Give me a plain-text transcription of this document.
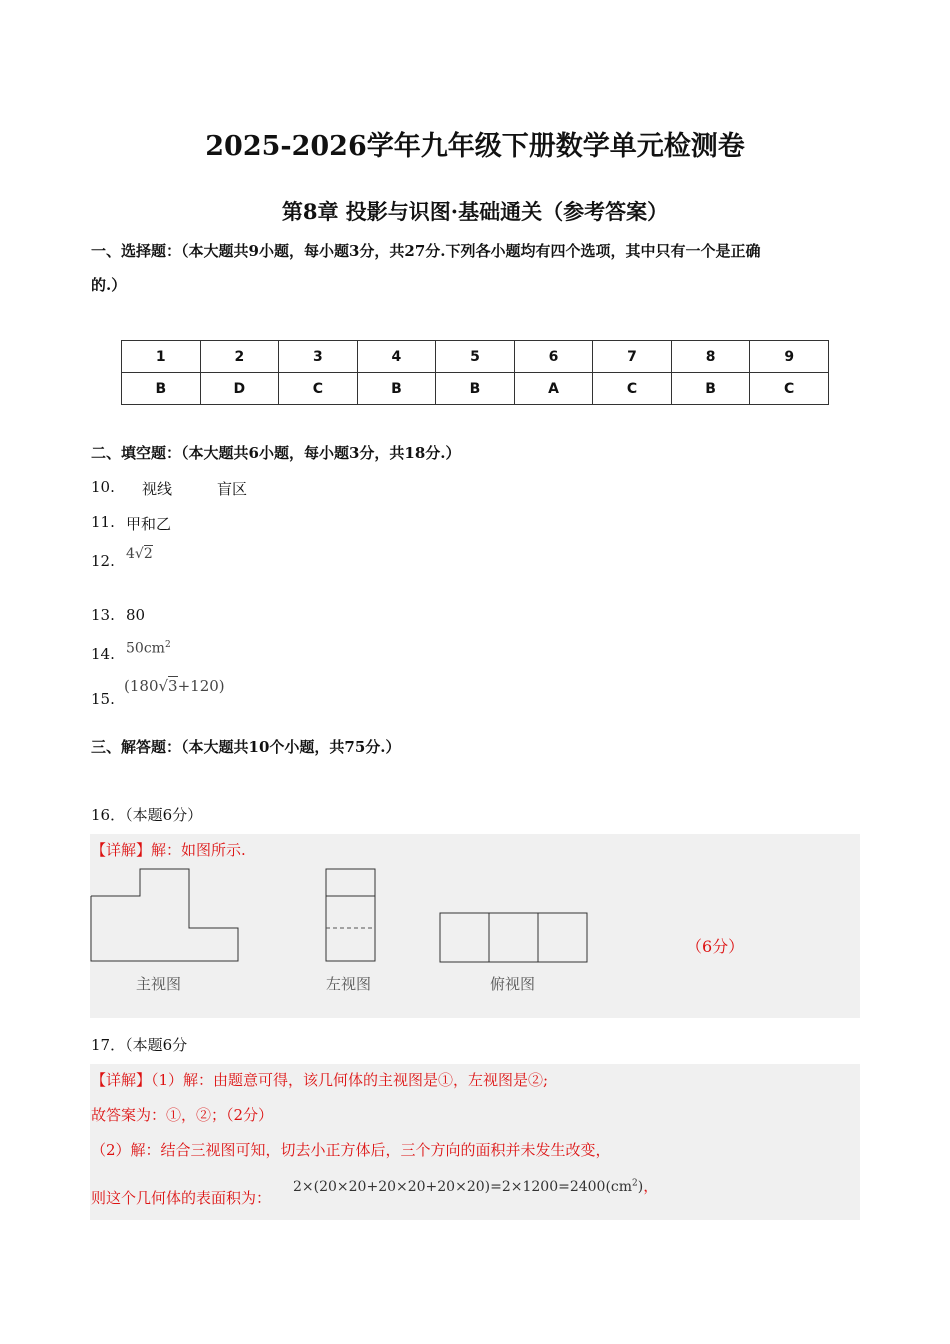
2025-2026学年九年级下册数学单元检测卷
第8章 投影与识图·基础通关（参考答案）
一、选择题：（本大题共9小题，每小题3分，共27分.下列各小题均有四个选项，其中只有一个是正确
的.）
1	2	3	4	5	6	7	8	9
B	D	C	B	B	A	C	B	C
二、填空题：（本大题共6小题，每小题3分，共18分.）
10. 视线	盲区
11. 甲和乙
12. 4√2
13. 80
14. $50cm^2$
15.
(180√3+120)
三、解答题：（本大题共10个小题，共75分.）
16．（本题6分）
【详解】解：如图所示.
主视图	左视图	俯视图
（6分）
17．（本题6分
【详解】（1）解：由题意可得，该几何体的主视图是①，左视图是②;
故答案为：①，②；（2分）
（2）解：结合三视图可知，切去小正方体后，三个方向的面积并未发生改变，
则这个几何体的表面积为：
$2\times(20\times 20+20\times 20+20\times 20)=2\times 1200=2400(cm^2)$，
